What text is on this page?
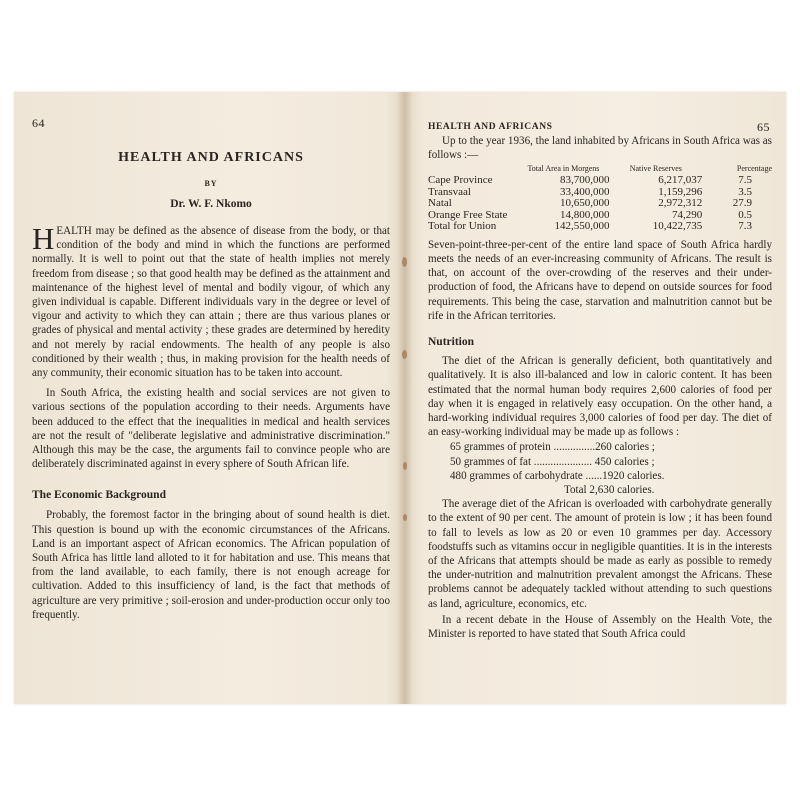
64
HEALTH AND AFRICANS
BY
Dr. W. F. Nkomo

HEALTH may be defined as the absence of disease from the body, or that condition of the body and mind in which the functions are performed normally. It is well to point out that the state of health implies not merely freedom from disease ; so that good health may be defined as the attainment and maintenance of the highest level of mental and bodily vigour, of which any given individual is capable. Different individuals vary in the degree or level of vigour and activity to which they can attain ; there are thus various planes or grades of physical and mental activity ; these grades are determined by heredity and not merely by racial endowments. The health of any people is also conditioned by their wealth ; thus, in making provision for the health needs of any community, their economic situation has to be taken into account.

In South Africa, the existing health and social services are not given to various sections of the population according to their needs. Arguments have been adduced to the effect that the inequalities in medical and health services are not the result of "deliberate legislative and administrative discrimination." Although this may be the case, the arguments fail to convince people who are deliberately discriminated against in every sphere of South African life.

The Economic Background

Probably, the foremost factor in the bringing about of sound health is diet. This question is bound up with the economic circumstances of the Africans. Land is an important aspect of African economics. The African population of South Africa has little land alloted to it for habitation and use. This means that from the land available, to each family, there is not enough acreage for cultivation. Added to this insufficiency of land, is the fact that methods of agriculture are very primitive ; soil-erosion and under-production occur only too frequently.

HEALTH AND AFRICANS	65

Up to the year 1936, the land inhabited by Africans in South Africa was as follows :—

	Total Area in Morgens	Native Reserves	Percentage
Cape Province	83,700,000	6,217,037	7.5
Transvaal	33,400,000	1,159,296	3.5
Natal	10,650,000	2,972,312	27.9
Orange Free State	14,800,000	74,290	0.5
Total for Union	142,550,000	10,422,735	7.3

Seven-point-three-per-cent of the entire land space of South Africa hardly meets the needs of an ever-increasing community of Africans. The result is that, on account of the over-crowding of the reserves and their under-production of food, the Africans have to depend on outside sources for food requirements. This being the case, starvation and malnutrition cannot but be rife in the African territories.

Nutrition

The diet of the African is generally deficient, both quantitatively and qualitatively. It is also ill-balanced and low in caloric content. It has been estimated that the normal human body requires 2,600 calories of food per day when it is engaged in relatively easy occupation. On the other hand, a hard-working individual requires 3,000 calories of food per day. The diet of an easy-working individual may be made up as follows :

65 grammes of protein ...............260 calories ;
50 grammes of fat ..................... 450 calories ;
480 grammes of carbohydrate ......1920 calories.
Total 2,630 calories.

The average diet of the African is overloaded with carbohydrate generally to the extent of 90 per cent. The amount of protein is low ; it has been found to fall to levels as low as 20 or even 10 grammes per day. Accessory foodstuffs such as vitamins occur in negligible quantities. It is in the interests of the Africans that attempts should be made as early as possible to remedy the under-nutrition and malnutrition prevalent amongst the Africans. These problems cannot be adequately tackled without attending to such questions as land, agriculture, economics, etc.

In a recent debate in the House of Assembly on the Health Vote, the Minister is reported to have stated that South Africa could
